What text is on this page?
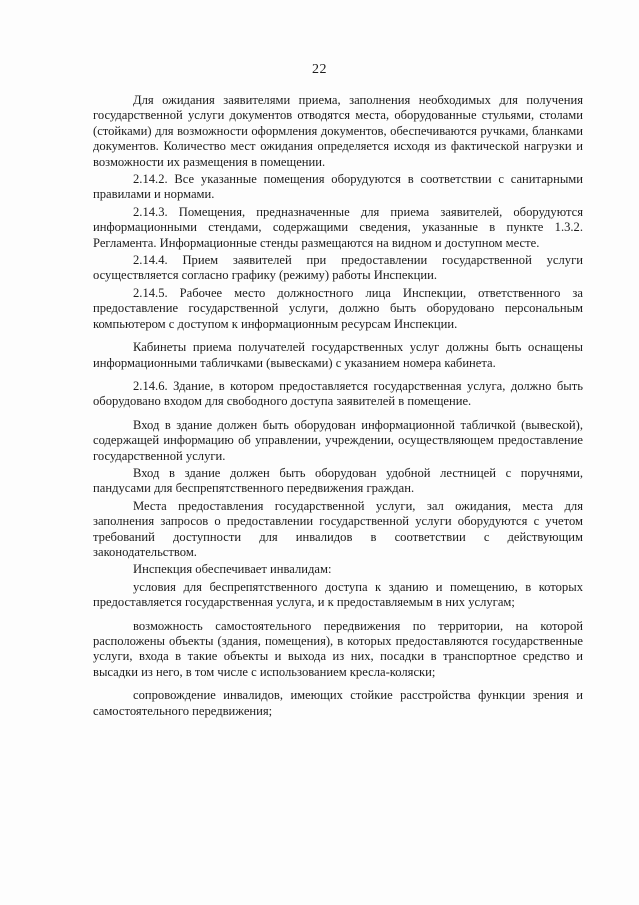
22

Для ожидания заявителями приема, заполнения необходимых для получения государственной услуги документов отводятся места, оборудованные стульями, столами (стойками) для возможности оформления документов, обеспечиваются ручками, бланками документов. Количество мест ожидания определяется исходя из фактической нагрузки и возможности их размещения в помещении.

2.14.2. Все указанные помещения оборудуются в соответствии с санитарными правилами и нормами.

2.14.3. Помещения, предназначенные для приема заявителей, оборудуются информационными стендами, содержащими сведения, указанные в пункте 1.3.2. Регламента. Информационные стенды размещаются на видном и доступном месте.

2.14.4. Прием заявителей при предоставлении государственной услуги осуществляется согласно графику (режиму) работы Инспекции.

2.14.5. Рабочее место должностного лица Инспекции, ответственного за предоставление государственной услуги, должно быть оборудовано персональным компьютером с доступом к информационным ресурсам Инспекции.

Кабинеты приема получателей государственных услуг должны быть оснащены информационными табличками (вывесками) с указанием номера кабинета.

2.14.6. Здание, в котором предоставляется государственная услуга, должно быть оборудовано входом для свободного доступа заявителей в помещение.

Вход в здание должен быть оборудован информационной табличкой (вывеской), содержащей информацию об управлении, учреждении, осуществляющем предоставление государственной услуги.

Вход в здание должен быть оборудован удобной лестницей с поручнями, пандусами для беспрепятственного передвижения граждан.

Места предоставления государственной услуги, зал ожидания, места для заполнения запросов о предоставлении государственной услуги оборудуются с учетом требований доступности для инвалидов в соответствии с действующим законодательством.

Инспекция обеспечивает инвалидам:

условия для беспрепятственного доступа к зданию и помещению, в которых предоставляется государственная услуга, и к предоставляемым в них услугам;

возможность самостоятельного передвижения по территории, на которой расположены объекты (здания, помещения), в которых предоставляются государственные услуги, входа в такие объекты и выхода из них, посадки в транспортное средство и высадки из него, в том числе с использованием кресла-коляски;

сопровождение инвалидов, имеющих стойкие расстройства функции зрения и самостоятельного передвижения;
